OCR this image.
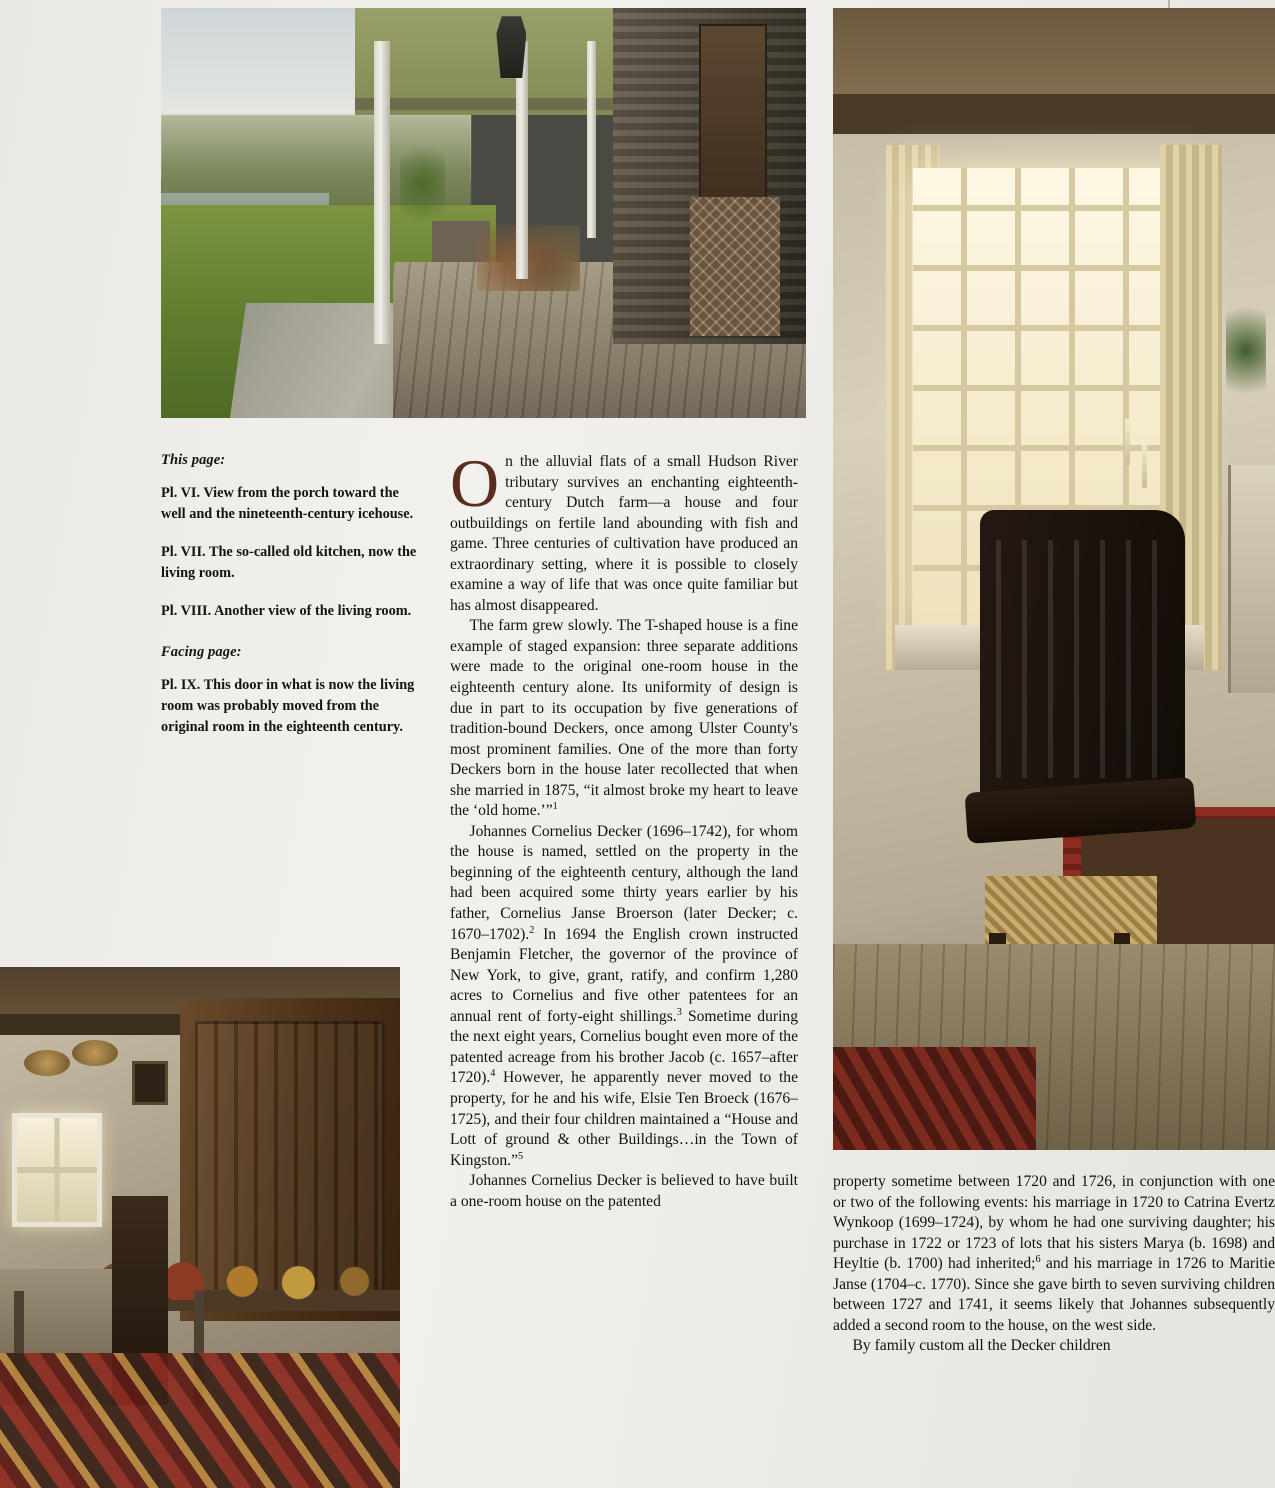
This page:

Pl. VI. View from the porch toward the well and the nineteenth-century icehouse.

Pl. VII. The so-called old kitchen, now the living room.

Pl. VIII. Another view of the living room.

Facing page:

Pl. IX. This door in what is now the living room was probably moved from the original room in the eighteenth century.

On the alluvial flats of a small Hudson River tributary survives an enchanting eighteenth-century Dutch farm—a house and four outbuildings on fertile land abounding with fish and game. Three centuries of cultivation have produced an extraordinary setting, where it is possible to closely examine a way of life that was once quite familiar but has almost disappeared.

The farm grew slowly. The T-shaped house is a fine example of staged expansion: three separate additions were made to the original one-room house in the eighteenth century alone. Its uniformity of design is due in part to its occupation by five generations of tradition-bound Deckers, once among Ulster County's most prominent families. One of the more than forty Deckers born in the house later recollected that when she married in 1875, “it almost broke my heart to leave the ‘old home.’”$^1$

Johannes Cornelius Decker (1696–1742), for whom the house is named, settled on the property in the beginning of the eighteenth century, although the land had been acquired some thirty years earlier by his father, Cornelius Janse Broerson (later Decker; c. 1670–1702).$^2$ In 1694 the English crown instructed Benjamin Fletcher, the governor of the province of New York, to give, grant, ratify, and confirm 1,280 acres to Cornelius and five other patentees for an annual rent of forty-eight shillings.$^3$ Sometime during the next eight years, Cornelius bought even more of the patented acreage from his brother Jacob (c. 1657–after 1720).$^4$ However, he apparently never moved to the property, for he and his wife, Elsie Ten Broeck (1676–1725), and their four children maintained a “House and Lott of ground & other Buildings…in the Town of Kingston.”$^5$

Johannes Cornelius Decker is believed to have built a one-room house on the patented

property sometime between 1720 and 1726, in conjunction with one or two of the following events: his marriage in 1720 to Catrina Evertz Wynkoop (1699–1724), by whom he had one surviving daughter; his purchase in 1722 or 1723 of lots that his sisters Marya (b. 1698) and Heyltie (b. 1700) had inherited;$^6$ and his marriage in 1726 to Maritie Janse (1704–c. 1770). Since she gave birth to seven surviving children between 1727 and 1741, it seems likely that Johannes subsequently added a second room to the house, on the west side.

By family custom all the Decker children
